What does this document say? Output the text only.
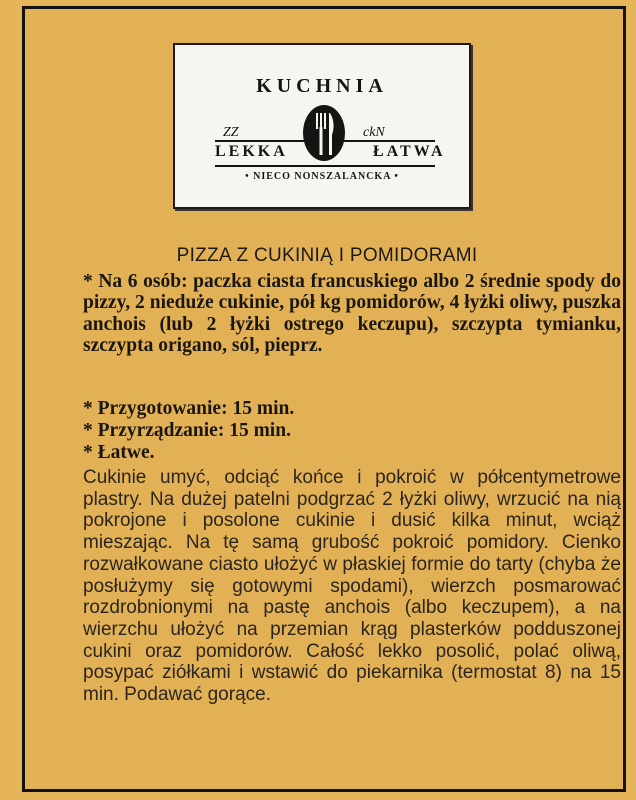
KUCHNIA
ZZ	ckN
LEKKA	ŁATWA
• NIECO NONSZALANCKA •
PIZZA Z CUKINIĄ I POMIDORAMI
* Na 6 osób: paczka ciasta francuskiego albo 2 średnie spody do pizzy, 2 nieduże cukinie, pół kg pomidorów, 4 łyżki oliwy, puszka anchois (lub 2 łyżki ostrego keczupu), szczypta tymianku, szczypta origano, sól, pieprz.
* Przygotowanie: 15 min.
* Przyrządzanie: 15 min.
* Łatwe.
Cukinie umyć, odciąć końce i pokroić w półcentymetrowe plastry. Na dużej patelni podgrzać 2 łyżki oliwy, wrzucić na nią pokrojone i posolone cukinie i dusić kilka minut, wciąż mieszając. Na tę samą grubość pokroić pomidory. Cienko rozwałkowane ciasto ułożyć w płaskiej formie do tarty (chyba że posłużymy się gotowymi spodami), wierzch posmarować rozdrobnionymi na pastę anchois (albo keczupem), a na wierzchu ułożyć na przemian krąg plasterków podduszonej cukini oraz pomidorów. Całość lekko posolić, polać oliwą, posypać ziółkami i wstawić do piekarnika (termostat 8) na 15 min. Podawać gorące.
